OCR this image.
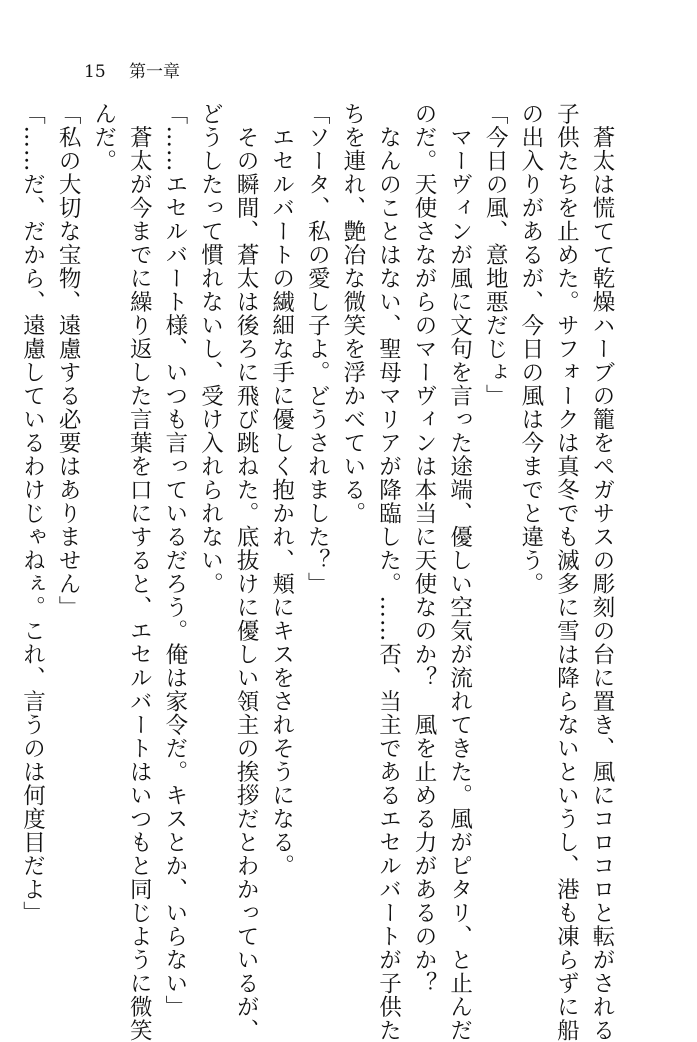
15 第一章

　蒼太は慌てて乾燥ハーブの籠をペガサスの彫刻の台に置き、風にコロコロと転がされる

子供たちを止めた。サフォークは真冬でも滅多に雪は降らないというし、港も凍らずに船

の出入りがあるが、今日の風は今までと違う。

「今日の風、意地悪だじょ」

　マーヴィンが風に文句を言った途端、優しい空気が流れてきた。風がピタリ、と止んだ

のだ。天使さながらのマーヴィンは本当に天使なのか？　風を止める力があるのか？

　なんのことはない、聖母マリアが降臨した。……否、当主であるエセルバートが子供た

ちを連れ、艶冶な微笑を浮かべている。

「ソータ、私の愛し子よ。どうされました？」

　エセルバートの繊細な手に優しく抱かれ、頬にキスをされそうになる。

　その瞬間、蒼太は後ろに飛び跳ねた。底抜けに優しい領主の挨拶だとわかっているが、

どうしたって慣れないし、受け入れられない。

「……エセルバート様、いつも言っているだろう。俺は家令だ。キスとか、いらない」

　蒼太が今までに繰り返した言葉を口にすると、エセルバートはいつもと同じように微笑

んだ。

「私の大切な宝物、遠慮する必要はありません」

「……だ、だから、遠慮しているわけじゃねぇ。これ、言うのは何度目だよ」
